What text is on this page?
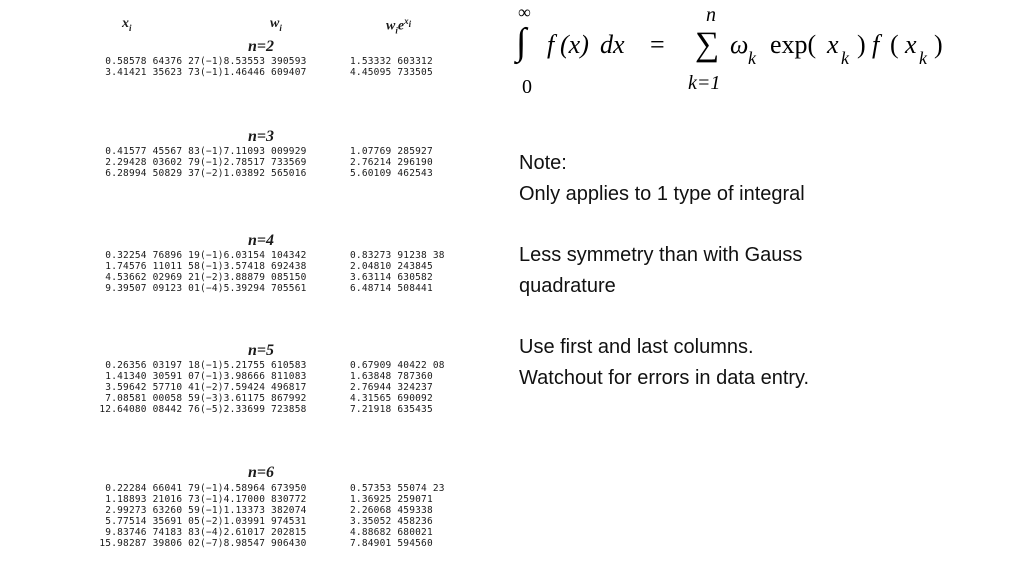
$x_i$	$w_i$	$w_ie^{x_i}$
n=2
0.58578 64376 27
3.41421 35623 73
(−1)8.53553 390593
(−1)1.46446 609407
1.53332 603312
4.45095 733505
n=3
0.41577 45567 83
2.29428 03602 79
6.28994 50829 37
(−1)7.11093 009929
(−1)2.78517 733569
(−2)1.03892 565016
1.07769 285927
2.76214 296190
5.60109 462543
n=4
0.32254 76896 19
1.74576 11011 58
4.53662 02969 21
9.39507 09123 01
(−1)6.03154 104342
(−1)3.57418 692438
(−2)3.88879 085150
(−4)5.39294 705561
0.83273 91238 38
2.04810 243845
3.63114 630582
6.48714 508441
n=5
0.26356 03197 18
1.41340 30591 07
3.59642 57710 41
7.08581 00058 59
12.64080 08442 76
(−1)5.21755 610583
(−1)3.98666 811083
(−2)7.59424 496817
(−3)3.61175 867992
(−5)2.33699 723858
0.67909 40422 08
1.63848 787360
2.76944 324237
4.31565 690092
7.21918 635435
n=6
0.22284 66041 79
1.18893 21016 73
2.99273 63260 59
5.77514 35691 05
9.83746 74183 83
15.98287 39806 02
(−1)4.58964 673950
(−1)4.17000 830772
(−1)1.13373 382074
(−2)1.03991 974531
(−4)2.61017 202815
(−7)8.98547 906430
0.57353 55074 23
1.36925 259071
2.26068 459338
3.35052 458236
4.88682 680021
7.84901 594560
∞
∫
0
f (x) dx =
n
∑
k=1
ω k exp( x k ) f ( x k )

Note:
Only applies to 1 type of integral

Less symmetry than with Gauss quadrature

Use first and last columns. Watchout for errors in data entry.
